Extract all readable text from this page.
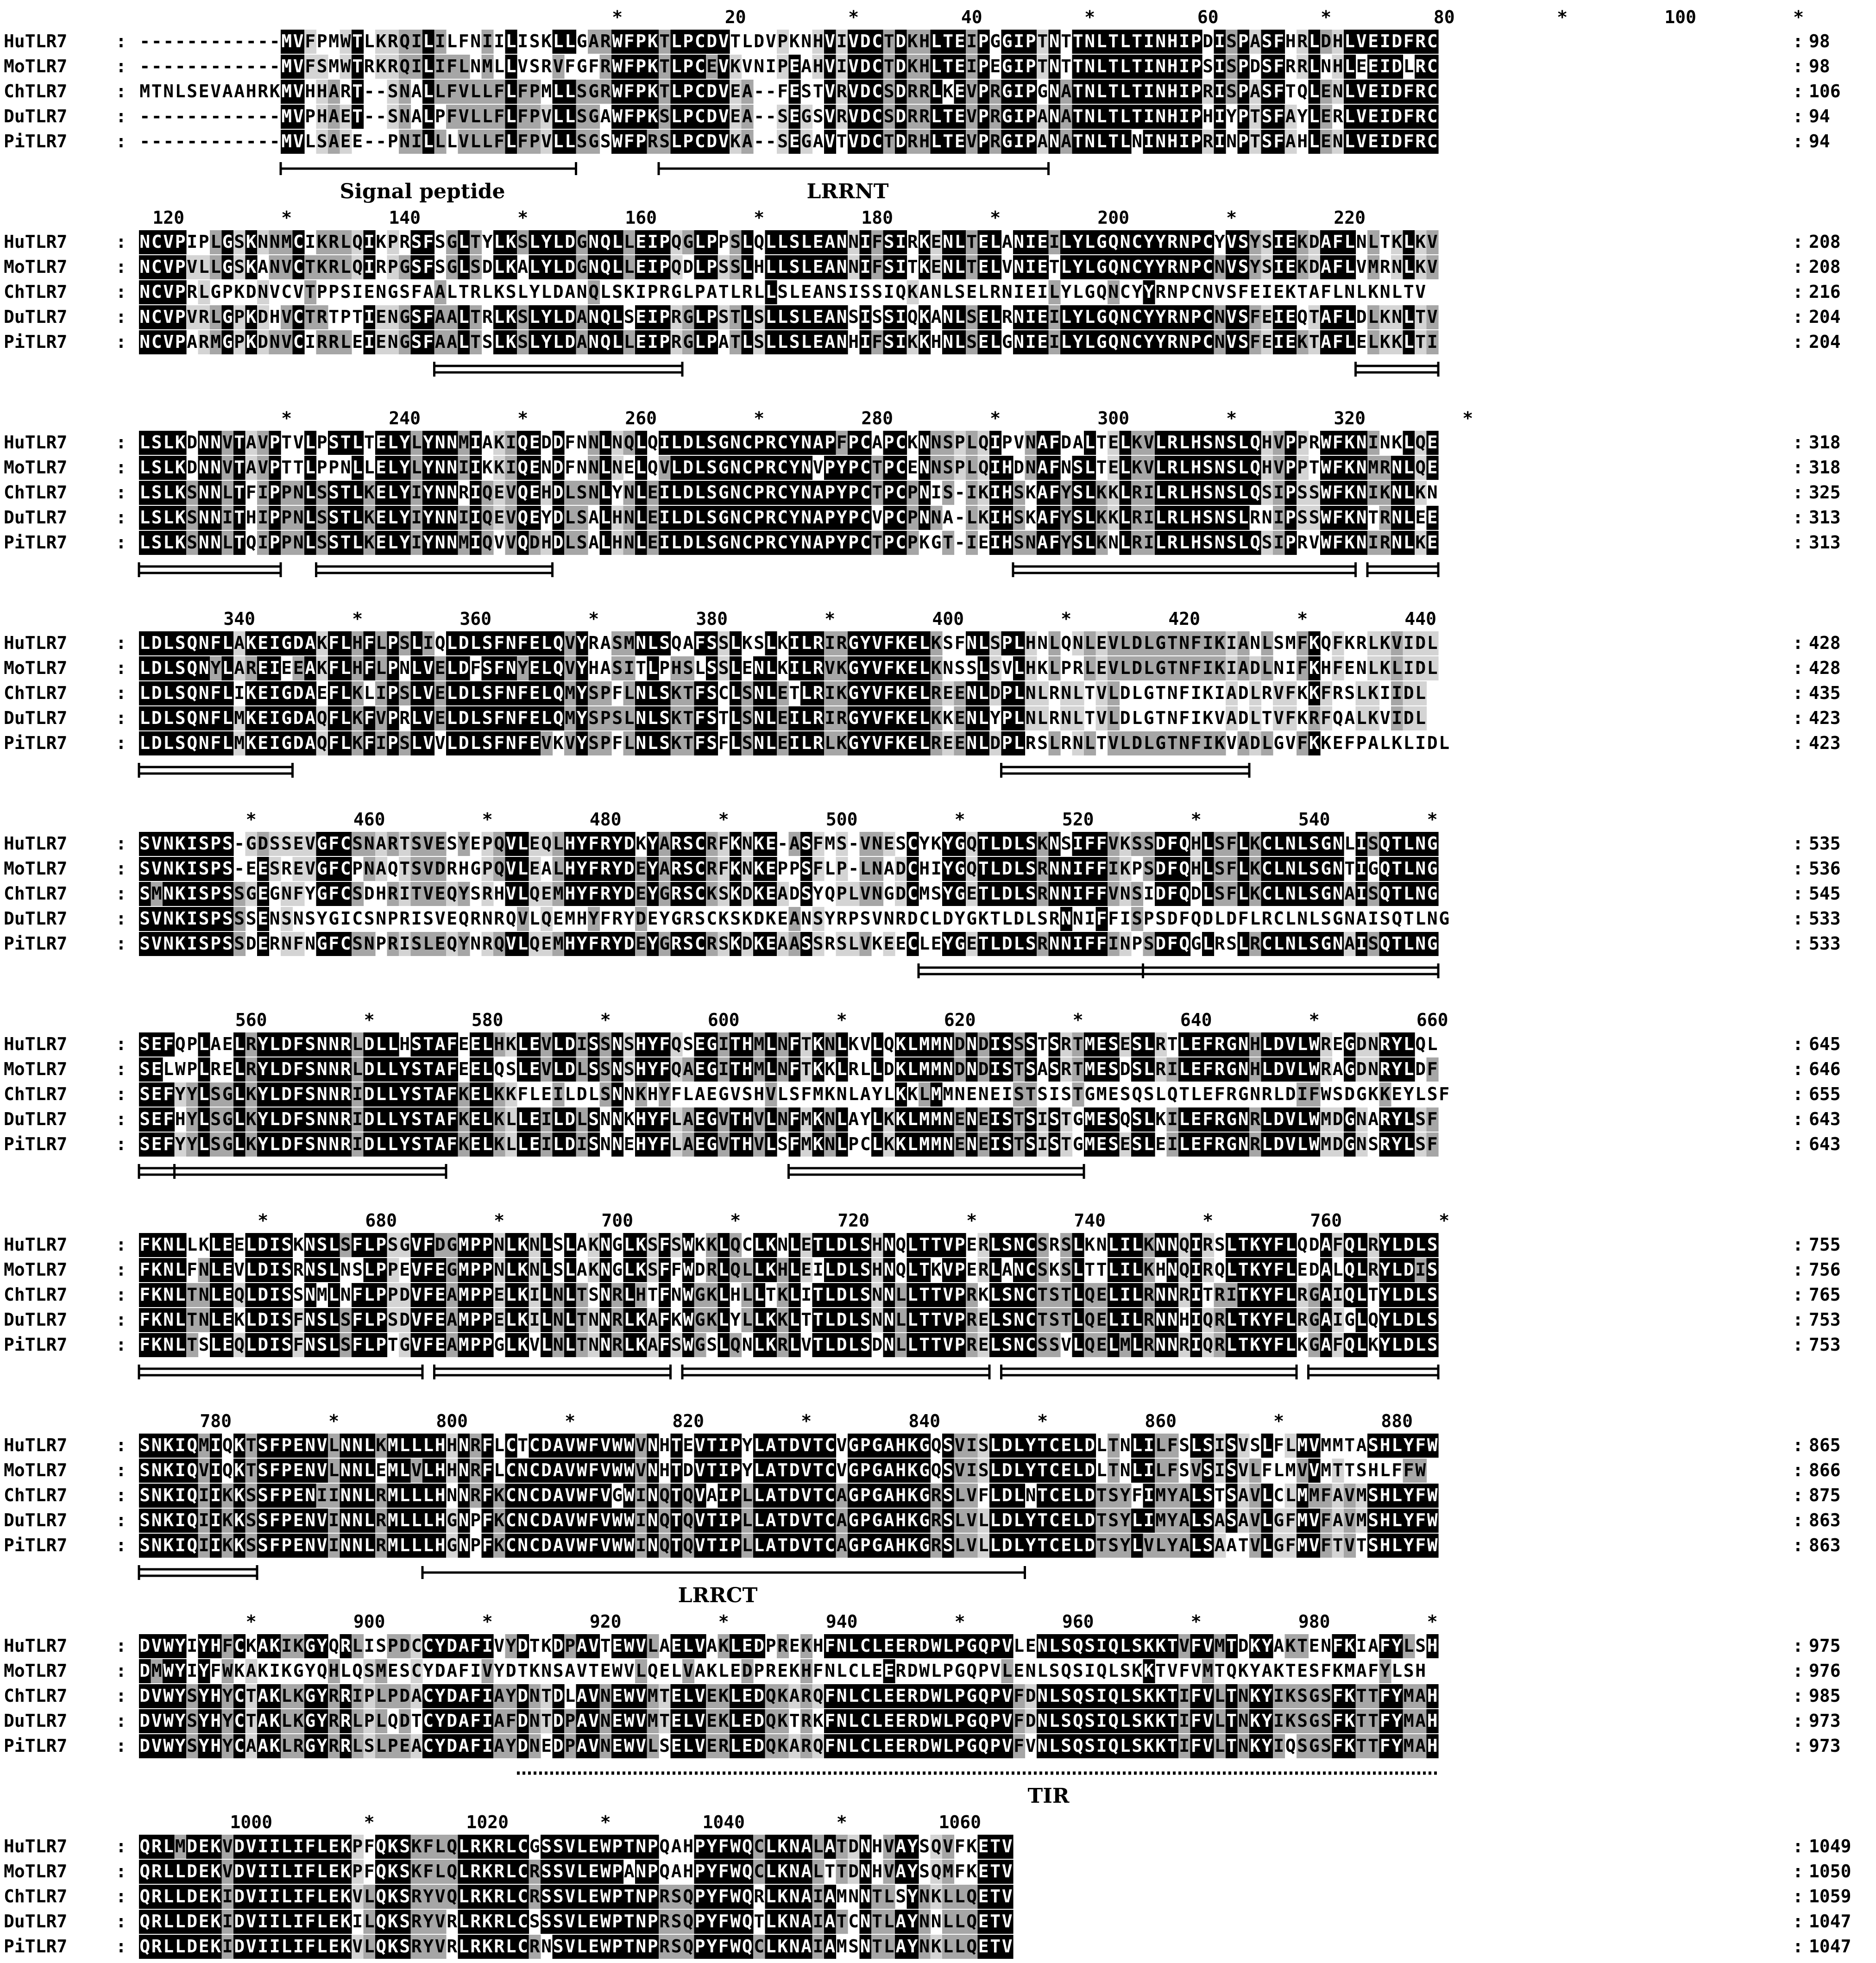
*	20	*	40	*	60	*	80	*	100	*
HuTLR7	: - - - - - - - - - - - - M V F P M W T L K R Q I L I L F N I I L I S K L L G A R W F P K T L P C D V T L D V P K N H V I V D C T D K H L T E I P G G I P T N T T N L T L T I N H I P D I S P A S F H R L D H L V E I D F R C	: 98
MoTLR7	: - - - - - - - - - - - - M V F S M W T R K R Q I L I F L N M L L V S R V F G F R W F P K T L P C E V K V N I P E A H V I V D C T D K H L T E I P E G I P T N T T N L T L T I N H I P S I S P D S F R R L N H L E E I D L R C	: 98
ChTLR7	: M T N L S E V A A H R K M V H H A R T - - S N A L L F V L L F L F P M L L S G R W F P K T L P C D V E A - - F E S T V R V D C S D R R L K E V P R G I P G N A T N L T L T I N H I P R I S P A S F T Q L E N L V E I D F R C	: 106
DuTLR7	: - - - - - - - - - - - - M V P H A E T - - S N A L P F V L L F L F P V L L S G A W F P K S L P C D V E A - - S E G S V R V D C S D R R L T E V P R G I P A N A T N L T L T I N H I P H I Y P T S F A Y L E R L V E I D F R C	: 94
PiTLR7	: - - - - - - - - - - - - M V L S A E E - - P N I L L L V L L F L F P V L L S G S W F P R S L P C D V K A - - S E G A V T V D C T D R H L T E V P R G I P A N A T N L T L N I N H I P R I N P T S F A H L E N L V E I D F R C	: 94
Signal peptide	LRRNT
120	*	140	*	160	*	180	*	200	*	220
HuTLR7	: N C V P I P L G S K N N M C I K R L Q I K P R S F S G L T Y L K S L Y L D G N Q L L E I P Q G L P P S L Q L L S L E A N N I F S I R K E N L T E L A N I E I L Y L G Q N C Y Y R N P C Y V S Y S I E K D A F L N L T K L K V	: 208
MoTLR7	: N C V P V L L G S K A N V C T K R L Q I R P G S F S G L S D L K A L Y L D G N Q L L E I P Q D L P S S L H L L S L E A N N I F S I T K E N L T E L V N I E T L Y L G Q N C Y Y R N P C N V S Y S I E K D A F L V M R N L K V	: 208
ChTLR7	: N C V P R L G P K D N V C V T P P S I E N G S F A A L T R L K S L Y L D A N Q L S K I P R G L P A T L R L L S L E A N S I S S I Q K A N L S E L R N I E I L Y L G Q N C Y Y R N P C N V S F E I E K T A F L N L K N L T V	: 216
DuTLR7	: N C V P V R L G P K D H V C T R T P T I E N G S F A A L T R L K S L Y L D A N Q L S E I P R G L P S T L S L L S L E A N S I S S I Q K A N L S E L R N I E I L Y L G Q N C Y Y R N P C N V S F E I E Q T A F L D L K N L T V	: 204
PiTLR7	: N C V P A R M G P K D N V C I R R L E I E N G S F A A L T S L K S L Y L D A N Q L L E I P R G L P A T L S L L S L E A N H I F S I K K H N L S E L G N I E I L Y L G Q N C Y Y R N P C N V S F E I E K T A F L E L K K L T I	: 204
*	240	*	260	*	280	*	300	*	320	*
HuTLR7	: L S L K D N N V T A V P T V L P S T L T E L Y L Y N N M I A K I Q E D D F N N L N Q L Q I L D L S G N C P R C Y N A P F P C A P C K N N S P L Q I P V N A F D A L T E L K V L R L H S N S L Q H V P P R W F K N I N K L Q E	: 318
MoTLR7	: L S L K D N N V T A V P T T L P P N L L E L Y L Y N N I I K K I Q E N D F N N L N E L Q V L D L S G N C P R C Y N V P Y P C T P C E N N S P L Q I H D N A F N S L T E L K V L R L H S N S L Q H V P P T W F K N M R N L Q E	: 318
ChTLR7	: L S L K S N N L T F I P P N L S S T L K E L Y I Y N N R I Q E V Q E H D L S N L Y N L E I L D L S G N C P R C Y N A P Y P C T P C P N I S - I K I H S K A F Y S L K K L R I L R L H S N S L Q S I P S S W F K N I K N L K N	: 325
DuTLR7	: L S L K S N N I T H I P P N L S S T L K E L Y I Y N N I I Q E V Q E Y D L S A L H N L E I L D L S G N C P R C Y N A P Y P C V P C P N N A - L K I H S K A F Y S L K K L R I L R L H S N S L R N I P S S W F K N T R N L E E	: 313
PiTLR7	: L S L K S N N L T Q I P P N L S S T L K E L Y I Y N N M I Q V V Q D H D L S A L H N L E I L D L S G N C P R C Y N A P Y P C T P C P K G T - I E I H S N A F Y S L K N L R I L R L H S N S L Q S I P R V W F K N I R N L K E	: 313
340	*	360	*	380	*	400	*	420	*	440
HuTLR7	: L D L S Q N F L A K E I G D A K F L H F L P S L I Q L D L S F N F E L Q V Y R A S M N L S Q A F S S L K S L K I L R I R G Y V F K E L K S F N L S P L H N L Q N L E V L D L G T N F I K I A N L S M F K Q F K R L K V I D L	: 428
MoTLR7	: L D L S Q N Y L A R E I E E A K F L H F L P N L V E L D F S F N Y E L Q V Y H A S I T L P H S L S S L E N L K I L R V K G Y V F K E L K N S S L S V L H K L P R L E V L D L G T N F I K I A D L N I F K H F E N L K L I D L	: 428
ChTLR7	: L D L S Q N F L I K E I G D A E F L K L I P S L V E L D L S F N F E L Q M Y S P F L N L S K T F S C L S N L E T L R I K G Y V F K E L R E E N L D P L N L R N L T V L D L G T N F I K I A D L R V F K K F R S L K I I D L	: 435
DuTLR7	: L D L S Q N F L M K E I G D A Q F L K F V P R L V E L D L S F N F E L Q M Y S P S L N L S K T F S T L S N L E I L R I R G Y V F K E L K K E N L Y P L N L R N L T V L D L G T N F I K V A D L T V F K R F Q A L K V I D L	: 423
PiTLR7	: L D L S Q N F L M K E I G D A Q F L K F I P S L V V L D L S F N F E V K V Y S P F L N L S K T F S F L S N L E I L R L K G Y V F K E L R E E N L D P L R S L R N L T V L D L G T N F I K V A D L G V F K K E F P A L K L I D L	: 423
*	460	*	480	*	500	*	520	*	540	*
HuTLR7	: S V N K I S P S - G D S S E V G F C S N A R T S V E S Y E P Q V L E Q L H Y F R Y D K Y A R S C R F K N K E - A S F M S - V N E S C Y K Y G Q T L D L S K N S I F F V K S S D F Q H L S F L K C L N L S G N L I S Q T L N G	: 535
MoTLR7	: S V N K I S P S - E E S R E V G F C P N A Q T S V D R H G P Q V L E A L H Y F R Y D E Y A R S C R F K N K E P P S F L P - L N A D C H I Y G Q T L D L S R N N I F F I K P S D F Q H L S F L K C L N L S G N T I G Q T L N G	: 536
ChTLR7	: S M N K I S P S S G E G N F Y G F C S D H R I T V E Q Y S R H V L Q E M H Y F R Y D E Y G R S C K S K D K E A D S Y Q P L V N G D C M S Y G E T L D L S R N N I F F V N S I D F Q D L S F L K C L N L S G N A I S Q T L N G	: 545
DuTLR7	: S V N K I S P S S S E N S N S Y G I C S N P R I S V E Q R N R Q V L Q E M H Y F R Y D E Y G R S C K S K D K E A N S Y R P S V N R D C L D Y G K T L D L S R N N I F F I S P S D F Q D L D F L R C L N L S G N A I S Q T L N G	: 533
PiTLR7	: S V N K I S P S S D E R N F N G F C S N P R I S L E Q Y N R Q V L Q E M H Y F R Y D E Y G R S C R S K D K E A A S S R S L V K E E C L E Y G E T L D L S R N N I F F I N P S D F Q G L R S L R C L N L S G N A I S Q T L N G	: 533
560	*	580	*	600	*	620	*	640	*	660
HuTLR7	: S E F Q P L A E L R Y L D F S N N R L D L L H S T A F E E L H K L E V L D I S S N S H Y F Q S E G I T H M L N F T K N L K V L Q K L M M N D N D I S S S T S R T M E S E S L R T L E F R G N H L D V L W R E G D N R Y L Q L	: 645
MoTLR7	: S E L W P L R E L R Y L D F S N N R L D L L Y S T A F E E L Q S L E V L D L S S N S H Y F Q A E G I T H M L N F T K K L R L L D K L M M N D N D I S T S A S R T M E S D S L R I L E F R G N H L D V L W R A G D N R Y L D F	: 646
ChTLR7	: S E F Y Y L S G L K Y L D F S N N R I D L L Y S T A F K E L K K F L E I L D L S N N K H Y F L A E G V S H V L S F M K N L A Y L K K L M M N E N E I S T S I S T G M E S Q S L Q T L E F R G N R L D I F W S D G K K E Y L S F	: 655
DuTLR7	: S E F H Y L S G L K Y L D F S N N R I D L L Y S T A F K E L K L L E I L D L S N N K H Y F L A E G V T H V L N F M K N L A Y L K K L M M N E N E I S T S I S T G M E S Q S L K I L E F R G N R L D V L W M D G N A R Y L S F	: 643
PiTLR7	: S E F Y Y L S G L K Y L D F S N N R I D L L Y S T A F K E L K L L E I L D I S N N E H Y F L A E G V T H V L S F M K N L P C L K K L M M N E N E I S T S I S T G M E S E S L E I L E F R G N R L D V L W M D G N S R Y L S F	: 643
*	680	*	700	*	720	*	740	*	760	*
HuTLR7	: F K N L L K L E E L D I S K N S L S F L P S G V F D G M P P N L K N L S L A K N G L K S F S W K K L Q C L K N L E T L D L S H N Q L T T V P E R L S N C S R S L K N L I L K N N Q I R S L T K Y F L Q D A F Q L R Y L D L S	: 755
MoTLR7	: F K N L F N L E V L D I S R N S L N S L P P E V F E G M P P N L K N L S L A K N G L K S F F W D R L Q L L K H L E I L D L S H N Q L T K V P E R L A N C S K S L T T L I L K H N Q I R Q L T K Y F L E D A L Q L R Y L D I S	: 756
ChTLR7	: F K N L T N L E Q L D I S S N M L N F L P P D V F E A M P P E L K I L N L T S N R L H T F N W G K L H L L T K L I T L D L S N N L L T T V P R K L S N C T S T L Q E L I L R N N R I T R I T K Y F L R G A I Q L T Y L D L S	: 765
DuTLR7	: F K N L T N L E K L D I S F N S L S F L P S D V F E A M P P E L K I L N L T N N R L K A F K W G K L Y L L K K L T T L D L S N N L L T T V P R E L S N C T S T L Q E L I L R N N H I Q R L T K Y F L R G A I G L Q Y L D L S	: 753
PiTLR7	: F K N L T S L E Q L D I S F N S L S F L P T G V F E A M P P G L K V L N L T N N R L K A F S W G S L Q N L K R L V T L D L S D N L L T T V P R E L S N C S S V L Q E L M L R N N R I Q R L T K Y F L K G A F Q L K Y L D L S	: 753
780	*	800	*	820	*	840	*	860	*	880
HuTLR7	: S N K I Q M I Q K T S F P E N V L N N L K M L L L H H N R F L C T C D A V W F V W W V N H T E V T I P Y L A T D V T C V G P G A H K G Q S V I S L D L Y T C E L D L T N L I L F S L S I S V S L F L M V M M T A S H L Y F W	: 865
MoTLR7	: S N K I Q V I Q K T S F P E N V L N N L E M L V L H H N R F L C N C D A V W F V W W V N H T D V T I P Y L A T D V T C V G P G A H K G Q S V I S L D L Y T C E L D L T N L I L F S V S I S V L F L M V V M T T S H L F F W	: 866
ChTLR7	: S N K I Q I I K K S S F P E N I I N N L R M L L L H N N R F K C N C D A V W F V G W I N Q T Q V A I P L L A T D V T C A G P G A H K G R S L V F L D L N T C E L D T S Y F I M Y A L S T S A V L C L M M F A V M S H L Y F W	: 875
DuTLR7	: S N K I Q I I K K S S F P E N V I N N L R M L L L H G N P F K C N C D A V W F V W W I N Q T Q V T I P L L A T D V T C A G P G A H K G R S L V L L D L Y T C E L D T S Y L I M Y A L S A S A V L G F M V F A V M S H L Y F W	: 863
PiTLR7	: S N K I Q I I K K S S F P E N V I N N L R M L L L H G N P F K C N C D A V W F V W W I N Q T Q V T I P L L A T D V T C A G P G A H K G R S L V L L D L Y T C E L D T S Y L V L Y A L S A A T V L G F M V F T V T S H L Y F W	: 863
LRRCT
*	900	*	920	*	940	*	960	*	980	*
HuTLR7	: D V W Y I Y H F C K A K I K G Y Q R L I S P D C C Y D A F I V Y D T K D P A V T E W V L A E L V A K L E D P R E K H F N L C L E E R D W L P G Q P V L E N L S Q S I Q L S K K T V F V M T D K Y A K T E N F K I A F Y L S H	: 975
MoTLR7	: D M W Y I Y F W K A K I K G Y Q H L Q S M E S C Y D A F I V Y D T K N S A V T E W V L Q E L V A K L E D P R E K H F N L C L E E R D W L P G Q P V L E N L S Q S I Q L S K K T V F V M T Q K Y A K T E S F K M A F Y L S H	: 976
ChTLR7	: D V W Y S Y H Y C T A K L K G Y R R I P L P D A C Y D A F I A Y D N T D L A V N E W V M T E L V E K L E D Q K A R Q F N L C L E E R D W L P G Q P V F D N L S Q S I Q L S K K T I F V L T N K Y I K S G S F K T T F Y M A H	: 985
DuTLR7	: D V W Y S Y H Y C T A K L K G Y R R L P L Q D T C Y D A F I A F D N T D P A V N E W V M T E L V E K L E D Q K T R K F N L C L E E R D W L P G Q P V F D N L S Q S I Q L S K K T I F V L T N K Y I K S G S F K T T F Y M A H	: 973
PiTLR7	: D V W Y S Y H Y C A A K L R G Y R R L S L P E A C Y D A F I A Y D N E D P A V N E W V L S E L V E R L E D Q K A R Q F N L C L E E R D W L P G Q P V F V N L S Q S I Q L S K K T I F V L T N K Y I Q S G S F K T T F Y M A H	: 973
TIR
1000	*	1020	*	1040	*	1060
HuTLR7	: Q R L M D E K V D V I I L I F L E K P F Q K S K F L Q L R K R L C G S S V L E W P T N P Q A H P Y F W Q C L K N A L A T D N H V A Y S Q V F K E T V	: 1049
MoTLR7	: Q R L L D E K V D V I I L I F L E K P F Q K S K F L Q L R K R L C R S S V L E W P A N P Q A H P Y F W Q C L K N A L T T D N H V A Y S Q M F K E T V	: 1050
ChTLR7	: Q R L L D E K I D V I I L I F L E K V L Q K S R Y V Q L R K R L C R S S V L E W P T N P R S Q P Y F W Q R L K N A I A M N N T L S Y N K L L Q E T V	: 1059
DuTLR7	: Q R L L D E K I D V I I L I F L E K I L Q K S R Y V R L R K R L C S S S V L E W P T N P R S Q P Y F W Q T L K N A I A T C N T L A Y N N L L Q E T V	: 1047
PiTLR7	: Q R L L D E K I D V I I L I F L E K V L Q K S R Y V R L R K R L C R N S V L E W P T N P R S Q P Y F W Q C L K N A I A M S N T L A Y N K L L Q E T V	: 1047
